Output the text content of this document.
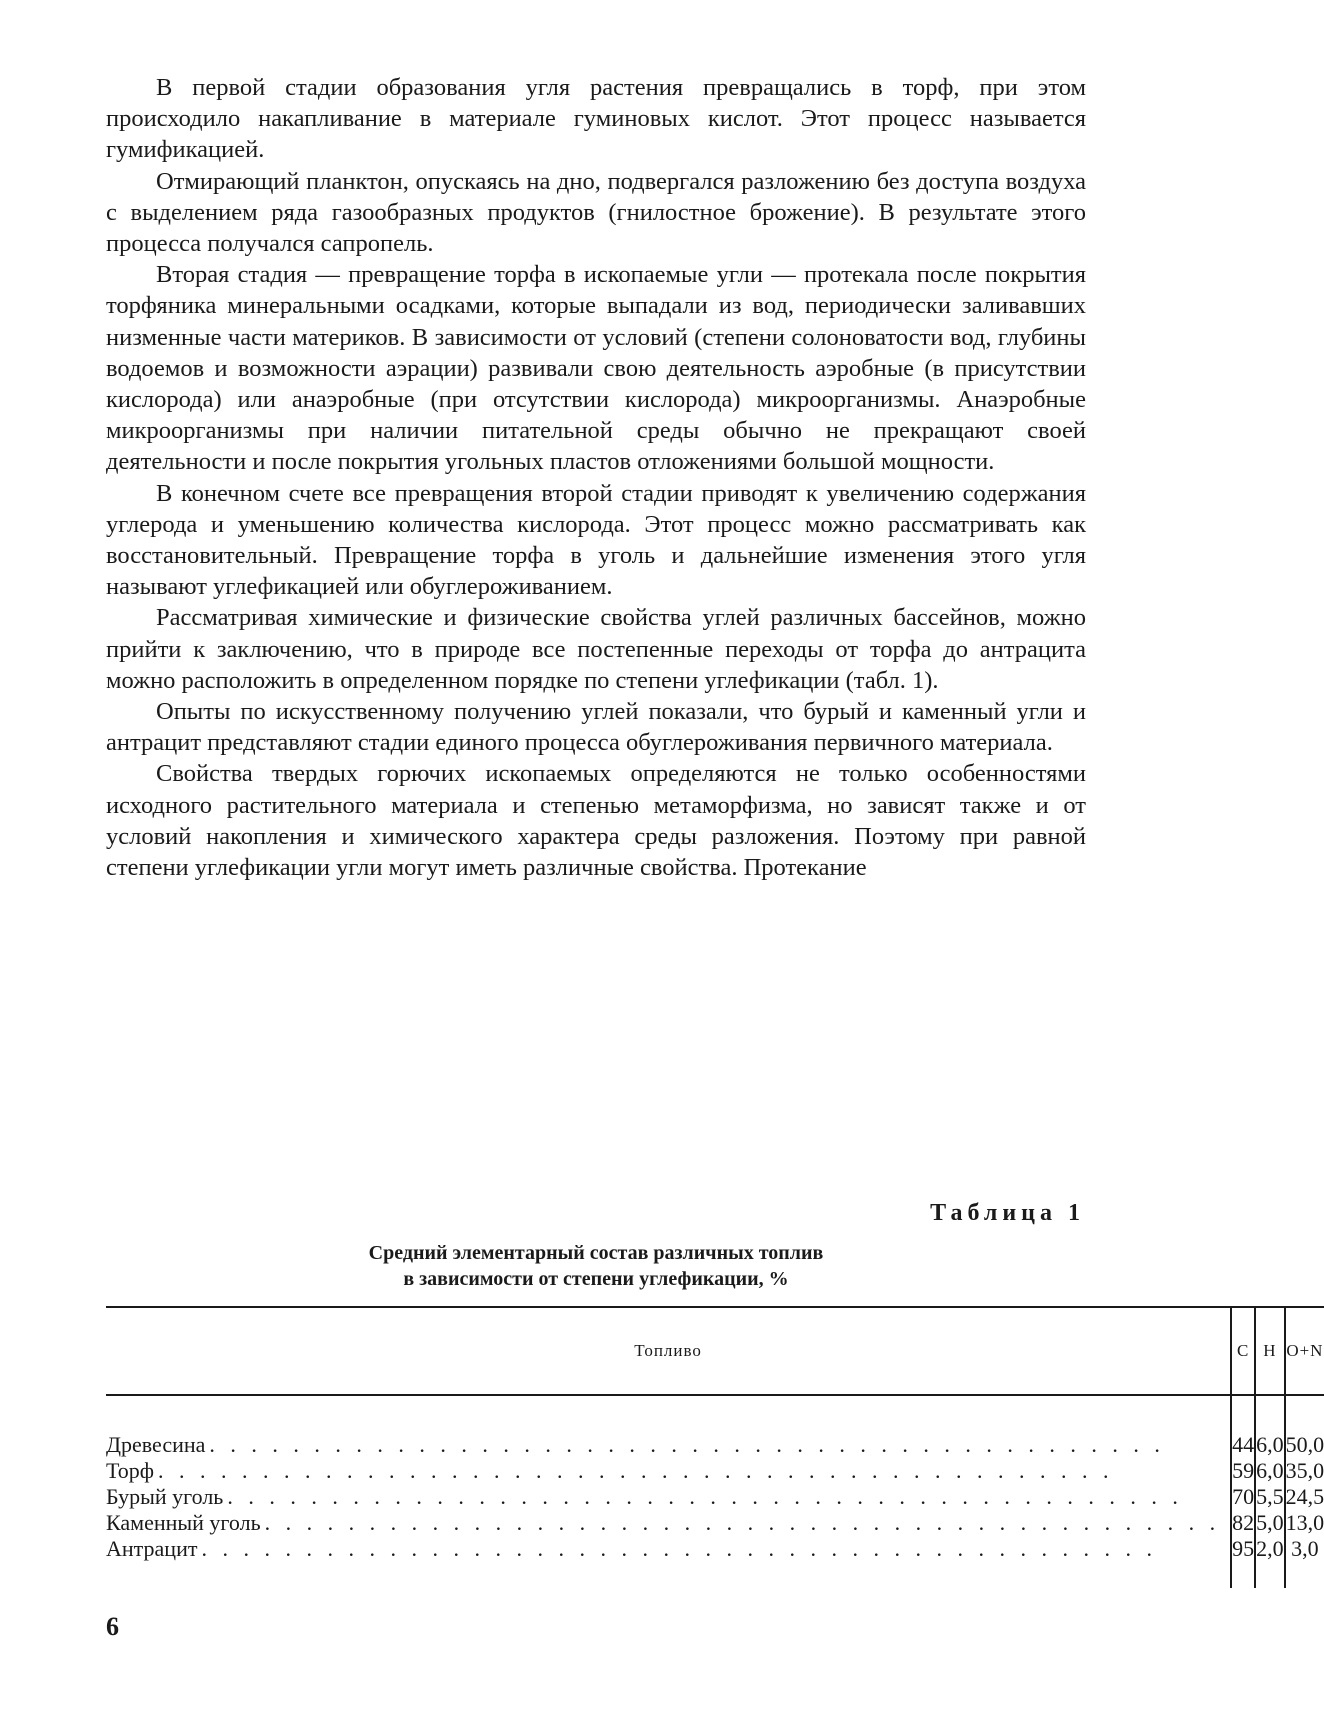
В первой стадии образования угля растения превращались в торф, при этом происходило накапливание в материале гуминовых кислот. Этот процесс называется гумификацией.

Отмирающий планктон, опускаясь на дно, подвергался разложению без доступа воздуха с выделением ряда газообразных продуктов (гнилостное брожение). В результате этого процесса получался сапропель.

Вторая стадия — превращение торфа в ископаемые угли — протекала после покрытия торфяника минеральными осадками, которые выпадали из вод, периодически заливавших низменные части материков. В зависимости от условий (степени солоноватости вод, глубины водоемов и возможности аэрации) развивали свою деятельность аэробные (в присутствии кислорода) или анаэробные (при отсутствии кислорода) микроорганизмы. Анаэробные микроорганизмы при наличии питательной среды обычно не прекращают своей деятельности и после покрытия угольных пластов отложениями большой мощности.

В конечном счете все превращения второй стадии приводят к увеличению содержания углерода и уменьшению количества кислорода. Этот процесс можно рассматривать как восстановительный. Превращение торфа в уголь и дальнейшие изменения этого угля называют углефикацией или обуглероживанием.

Рассматривая химические и физические свойства углей различных бассейнов, можно прийти к заключению, что в природе все постепенные переходы от торфа до антрацита можно расположить в определенном порядке по степени углефикации (табл. 1).

Опыты по искусственному получению углей показали, что бурый и каменный угли и антрацит представляют стадии единого процесса обуглероживания первичного материала.

Свойства твердых горючих ископаемых определяются не только особенностями исходного растительного материала и степенью метаморфизма, но зависят также и от условий накопления и химического характера среды разложения. Поэтому при равной степени углефикации угли могут иметь различные свойства. Протекание

Таблица 1
Средний элементарный состав различных топлив
в зависимости от степени углефикации, %
Топливо	C	H	O+N

Древесина
. . .	44	6,0	50,0

Торф
. . .	59	6,0	35,0

Бурый уголь
. . .	70	5,5	24,5

Каменный уголь
. . .	82	5,0	13,0

Антрацит
. . .	95	2,0	3,0
6
